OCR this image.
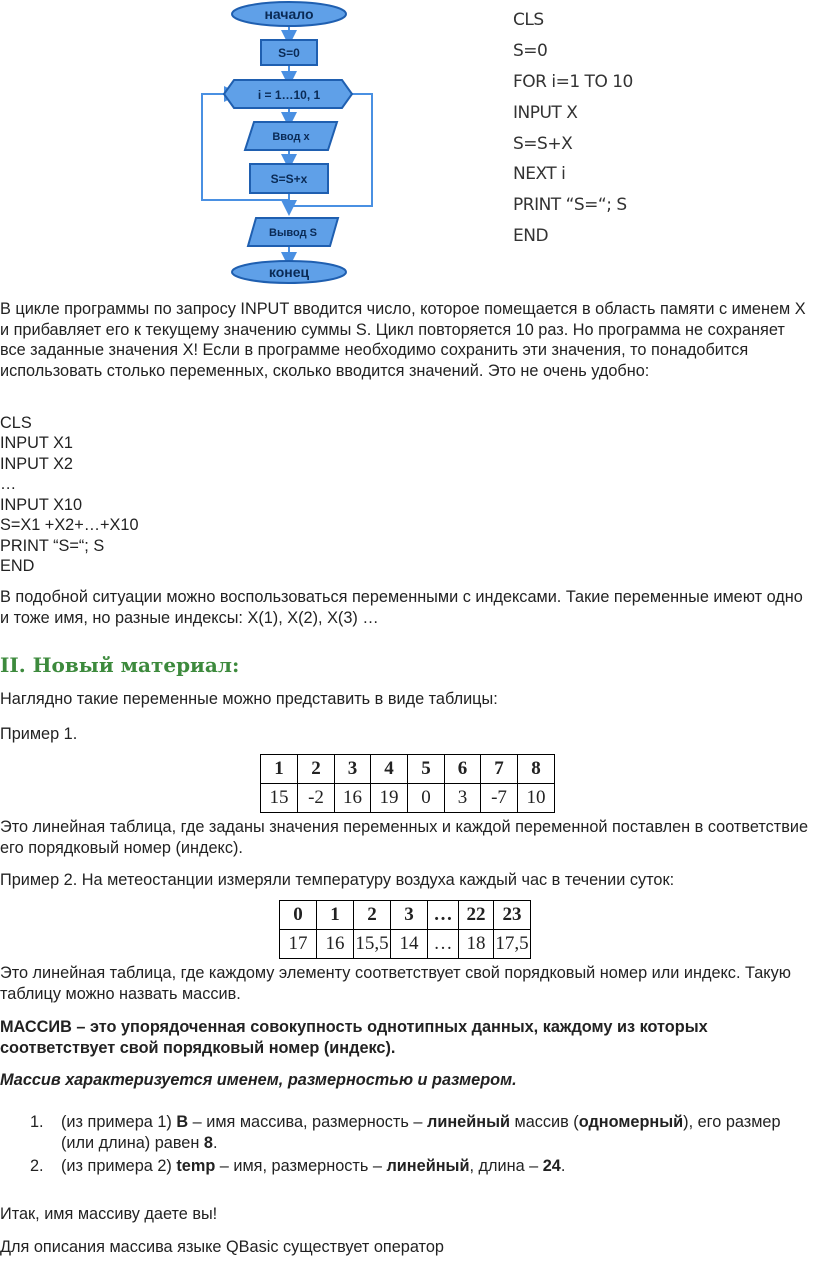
начало
S=0
i = 1…10, 1
Ввод x
S=S+x
Вывод S
конец
CLS
S=0
FOR i=1 TO 10
INPUT X
S=S+X
NEXT i
PRINT “S=“; S
END

В цикле программы по запросу INPUT вводится число, которое помещается в область памяти с именем X и прибавляет его к текущему значению суммы S. Цикл повторяется 10 раз. Но программа не сохраняет все заданные значения X! Если в программе необходимо сохранить эти значения, то понадобится использовать столько переменных, сколько вводится значений. Это не очень удобно:

CLS
INPUT X1
INPUT X2
…
INPUT X10
S=X1 +X2+…+X10
PRINT “S=“; S
END

В подобной ситуации можно воспользоваться переменными с индексами. Такие переменные имеют одно и тоже имя, но разные индексы: X(1), X(2), X(3) …

II. Новый материал:

Наглядно такие переменные можно представить в виде таблицы:

Пример 1.

1	2	3	4	5	6	7	8
15	-2	16	19	0	3	-7	10

Это линейная таблица, где заданы значения переменных и каждой переменной поставлен в соответствие его порядковый номер (индекс).

Пример 2. На метеостанции измеряли температуру воздуха каждый час в течении суток:

0	1	2	3	…	22	23
17	16	15,5	14	…	18	17,5

Это линейная таблица, где каждому элементу соответствует свой порядковый номер или индекс. Такую таблицу можно назвать массив.

МАССИВ – это упорядоченная совокупность однотипных данных, каждому из которых соответствует свой порядковый номер (индекс).

Массив характеризуется именем, размерностью и размером.

1. (из примера 1) B – имя массива, размерность – линейный массив (одномерный), его размер (или длина) равен 8.
2. (из примера 2) temp – имя, размерность – линейный, длина – 24.

Итак, имя массиву даете вы!

Для описания массива языке QBasic существует оператор
